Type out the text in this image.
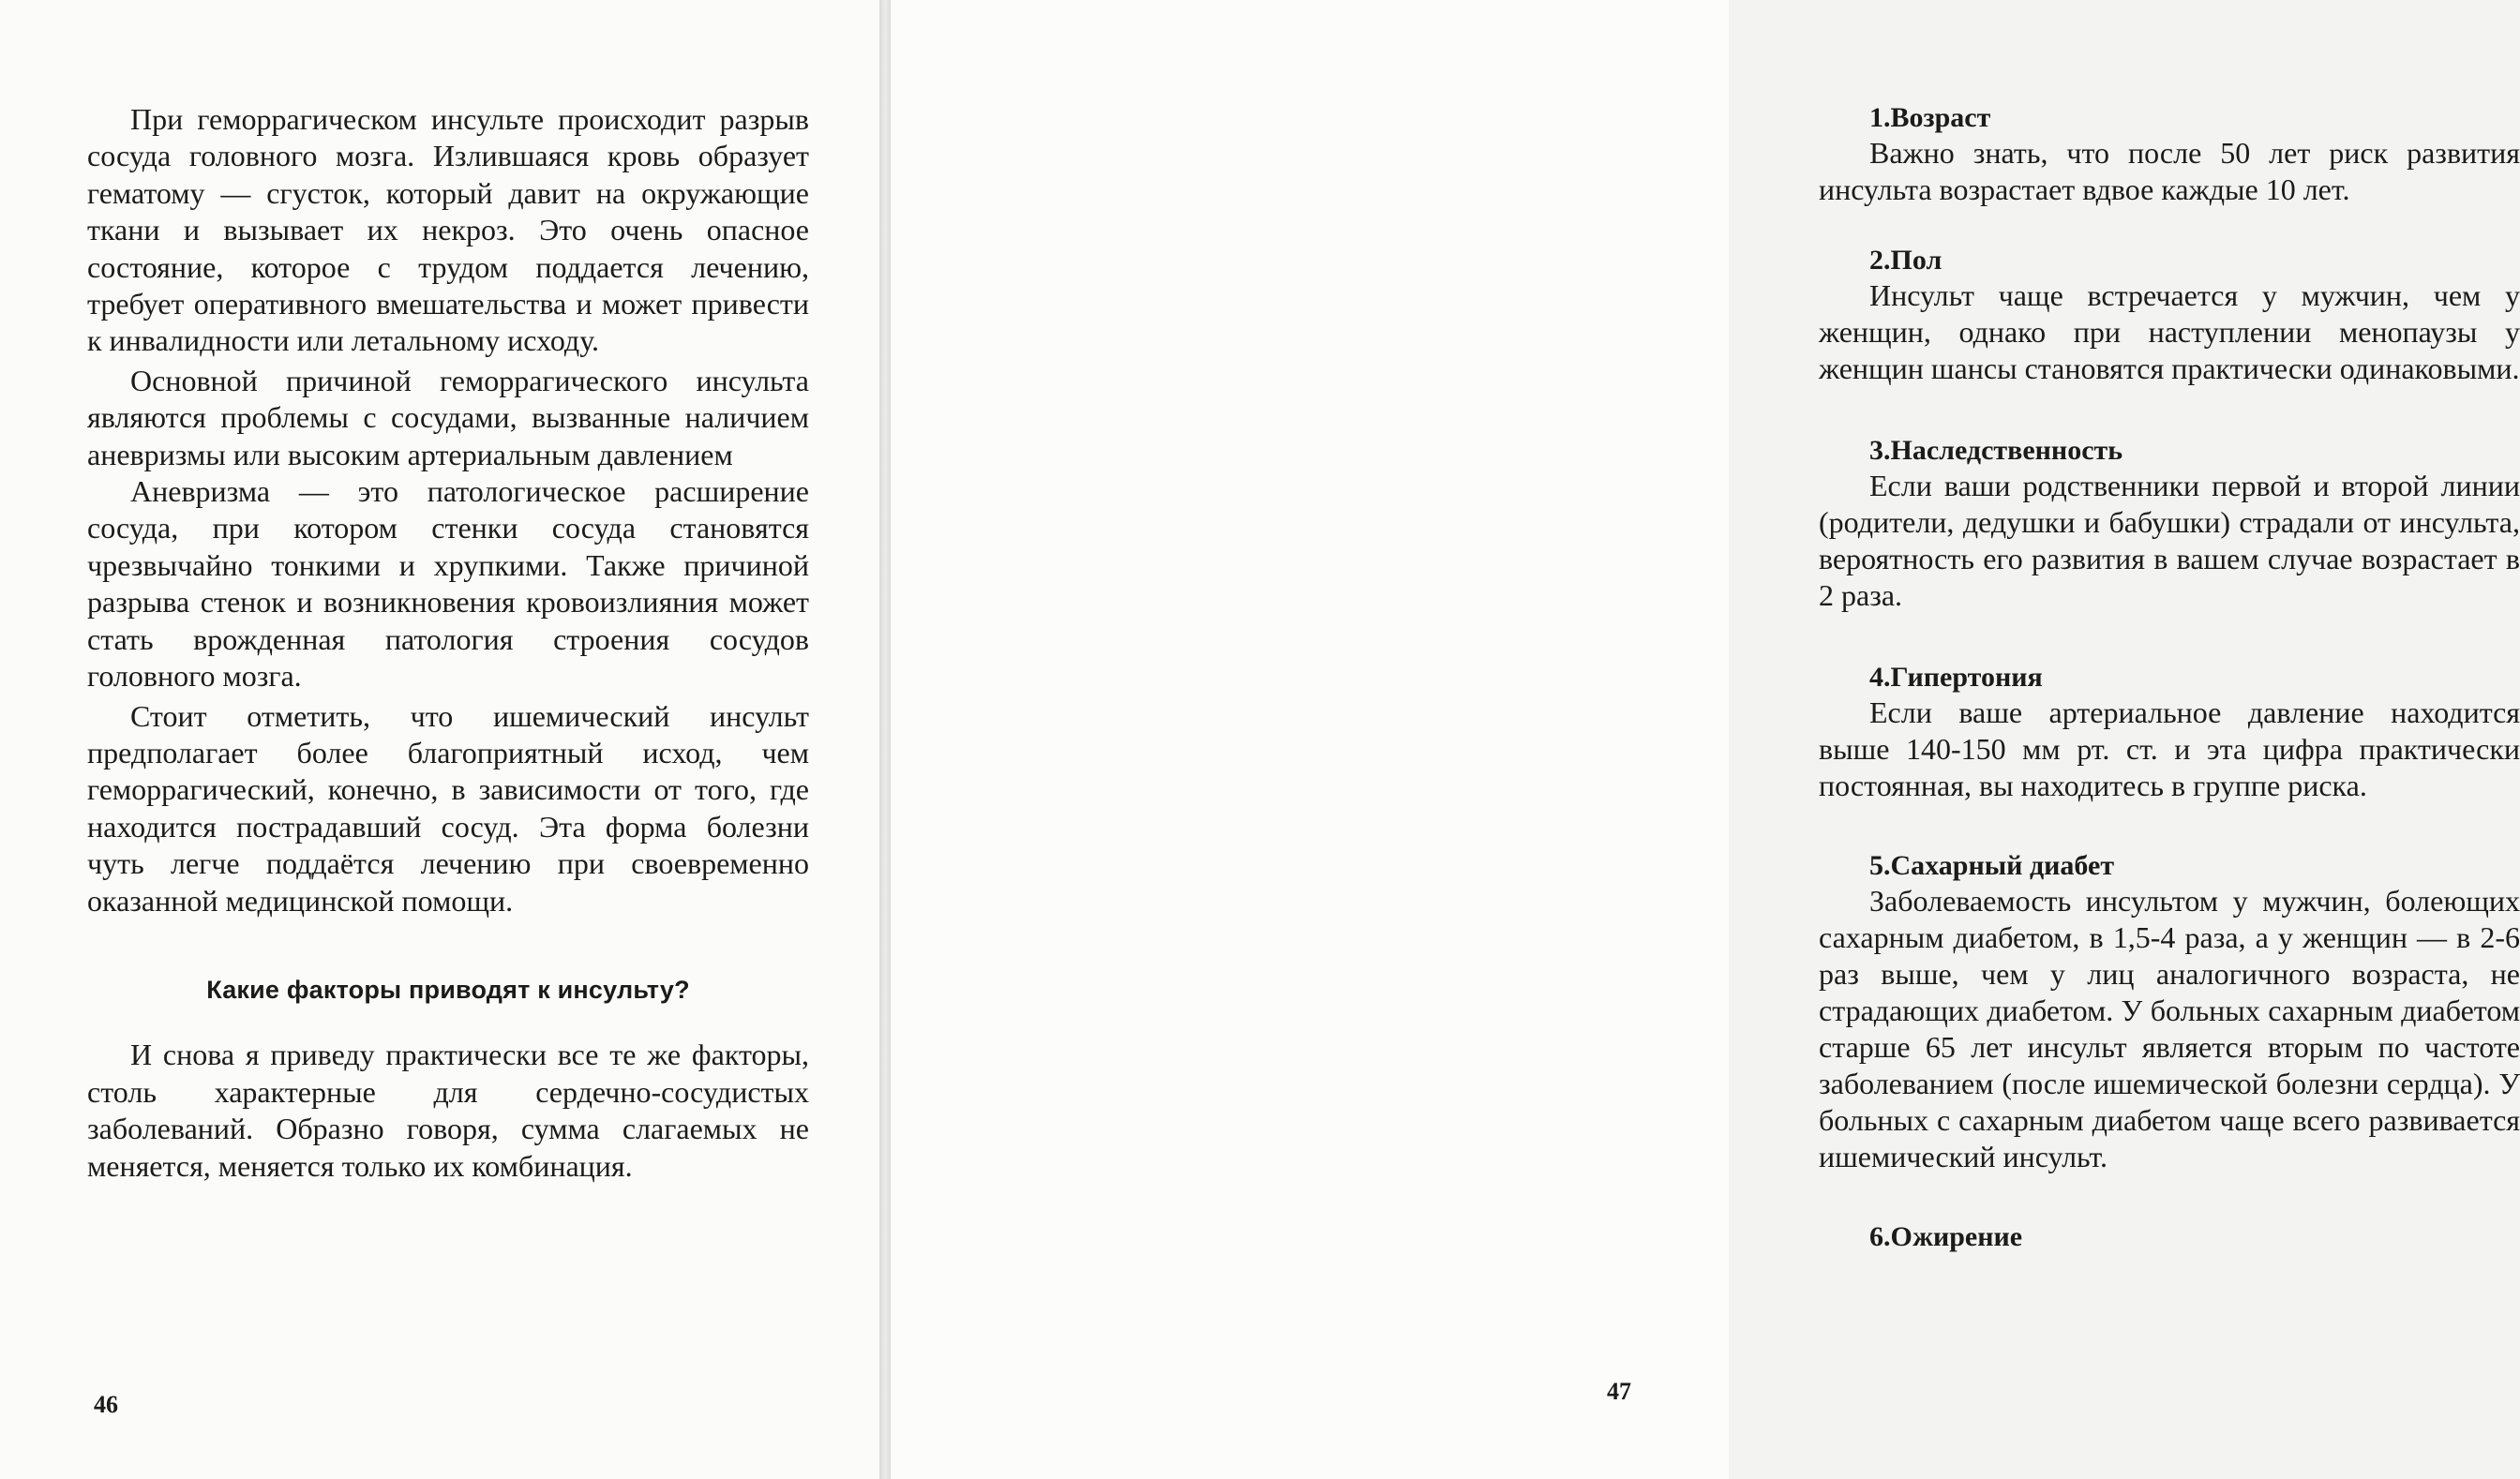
При геморрагическом инсульте происходит разрыв сосуда головного мозга. Излившаяся кровь образует гематому — сгусток, который давит на окружающие ткани и вызывает их некроз. Это очень опасное состояние, которое с трудом поддается лечению, требует оперативного вмешательства и может привести к инвалидности или летальному исходу.

Основной причиной геморрагического инсульта являются проблемы с сосудами, вызванные наличием аневризмы или высоким артериальным давлением

Аневризма — это патологическое расширение сосуда, при котором стенки сосуда становятся чрезвычайно тонкими и хрупкими. Также причиной разрыва стенок и возникновения кровоизлияния может стать врожденная патология строения сосудов головного мозга.

Стоит отметить, что ишемический инсульт предполагает более благоприятный исход, чем геморрагический, конечно, в зависимости от того, где находится пострадавший сосуд. Эта форма болезни чуть легче поддаётся лечению при своевременно оказанной медицинской помощи.

Какие факторы приводят к инсульту?

И снова я приведу практически все те же факторы, столь характерные для сердечно-сосудистых заболеваний. Образно говоря, сумма слагаемых не меняется, меняется только их комбинация.

46
1.Возраст

Важно знать, что после 50 лет риск развития инсульта возрастает вдвое каждые 10 лет.

2.Пол

Инсульт чаще встречается у мужчин, чем у женщин, однако при наступлении менопаузы у женщин шансы становятся практически одинаковыми.

3.Наследственность

Если ваши родственники первой и второй линии (родители, дедушки и бабушки) страдали от инсульта, вероятность его развития в вашем случае возрастает в 2 раза.

4.Гипертония

Если ваше артериальное давление находится выше 140-150 мм рт. ст. и эта цифра практически постоянная, вы находитесь в группе риска.

5.Сахарный диабет

Заболеваемость инсультом у мужчин, болеющих сахарным диабетом, в 1,5-4 раза, а у женщин — в 2-6 раз выше, чем у лиц аналогичного возраста, не страдающих диабетом. У больных сахарным диабетом старше 65 лет инсульт является вторым по частоте заболеванием (после ишемической болезни сердца). У больных с сахарным диабетом чаще всего развивается ишемический инсульт.

6.Ожирение
47
